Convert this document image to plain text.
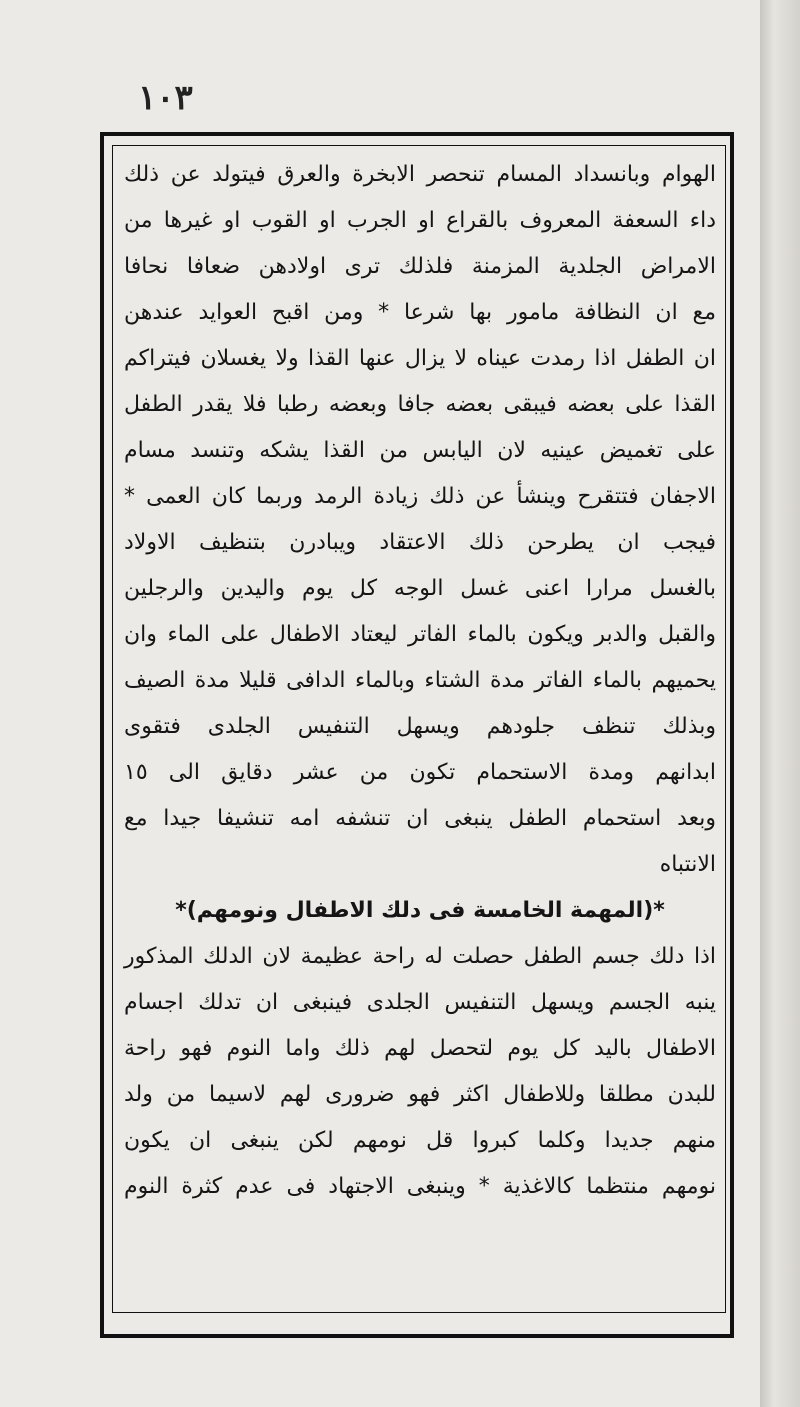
١٠٣
الهوام وبانسداد المسام تنحصر الابخرة والعرق فيتولد عن ذلك
داء السعفة المعروف بالقراع او الجرب او القوب او غيرها من
الامراض الجلدية المزمنة فلذلك ترى اولادهن ضعافا نحافا
مع ان النظافة مامور بها شرعا * ومن اقبح العوايد عندهن
ان الطفل اذا رمدت عيناه لا يزال عنها القذا ولا يغسلان فيتراكم
القذا على بعضه فيبقى بعضه جافا وبعضه رطبا فلا يقدر الطفل
على تغميض عينيه لان اليابس من القذا يشكه وتنسد مسام
الاجفان فتتقرح وينشأ عن ذلك زيادة الرمد وربما كان العمى *
فيجب ان يطرحن ذلك الاعتقاد ويبادرن بتنظيف الاولاد
بالغسل مرارا اعنى غسل الوجه كل يوم واليدين والرجلين
والقبل والدبر ويكون بالماء الفاتر ليعتاد الاطفال على الماء وان
يحميهم بالماء الفاتر مدة الشتاء وبالماء الدافى قليلا مدة الصيف
وبذلك تنظف جلودهم ويسهل التنفيس الجلدى فتقوى
ابدانهم ومدة الاستحمام تكون من عشر دقايق الى ١٥
وبعد استحمام الطفل ينبغى ان تنشفه امه تنشيفا جيدا مع
الانتباه
*(المهمة الخامسة فى دلك الاطفال ونومهم)*
اذا دلك جسم الطفل حصلت له راحة عظيمة لان الدلك المذكور
ينبه الجسم ويسهل التنفيس الجلدى فينبغى ان تدلك اجسام
الاطفال باليد كل يوم لتحصل لهم ذلك واما النوم فهو راحة
للبدن مطلقا وللاطفال اكثر فهو ضرورى لهم لاسيما من ولد
منهم جديدا وكلما كبروا قل نومهم لكن ينبغى ان يكون
نومهم منتظما كالاغذية * وينبغى الاجتهاد فى عدم كثرة النوم
